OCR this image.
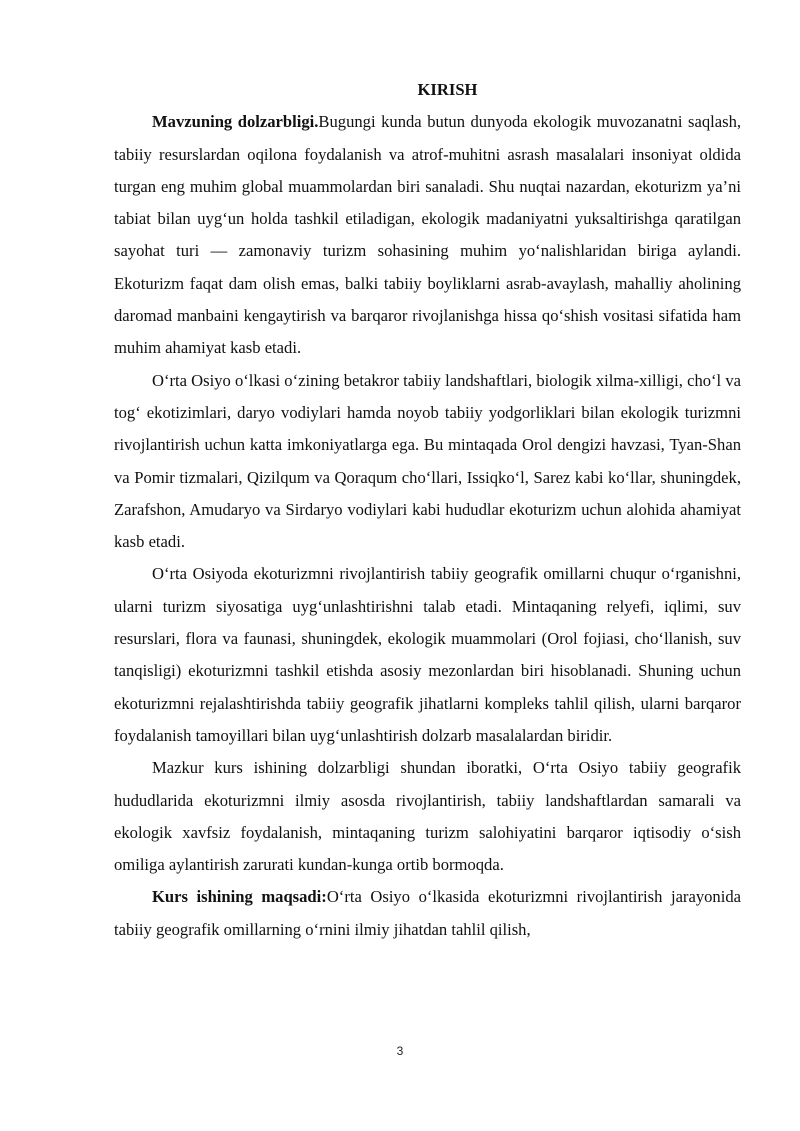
KIRISH

Mavzuning dolzarbligi.Bugungi kunda butun dunyoda ekologik muvozanatni saqlash, tabiiy resurslardan oqilona foydalanish va atrof-muhitni asrash masalalari insoniyat oldida turgan eng muhim global muammolardan biri sanaladi. Shu nuqtai nazardan, ekoturizm ya’ni tabiat bilan uyg‘un holda tashkil etiladigan, ekologik madaniyatni yuksaltirishga qaratilgan sayohat turi — zamonaviy turizm sohasining muhim yo‘nalishlaridan biriga aylandi. Ekoturizm faqat dam olish emas, balki tabiiy boyliklarni asrab-avaylash, mahalliy aholining daromad manbaini kengaytirish va barqaror rivojlanishga hissa qo‘shish vositasi sifatida ham muhim ahamiyat kasb etadi.

O‘rta Osiyo o‘lkasi o‘zining betakror tabiiy landshaftlari, biologik xilma-xilligi, cho‘l va tog‘ ekotizimlari, daryo vodiylari hamda noyob tabiiy yodgorliklari bilan ekologik turizmni rivojlantirish uchun katta imkoniyatlarga ega. Bu mintaqada Orol dengizi havzasi, Tyan-Shan va Pomir tizmalari, Qizilqum va Qoraqum cho‘llari, Issiqko‘l, Sarez kabi ko‘llar, shuningdek, Zarafshon, Amudaryo va Sirdaryo vodiylari kabi hududlar ekoturizm uchun alohida ahamiyat kasb etadi.

O‘rta Osiyoda ekoturizmni rivojlantirish tabiiy geografik omillarni chuqur o‘rganishni, ularni turizm siyosatiga uyg‘unlashtirishni talab etadi. Mintaqaning relyefi, iqlimi, suv resurslari, flora va faunasi, shuningdek, ekologik muammolari (Orol fojiasi, cho‘llanish, suv tanqisligi) ekoturizmni tashkil etishda asosiy mezonlardan biri hisoblanadi. Shuning uchun ekoturizmni rejalashtirishda tabiiy geografik jihatlarni kompleks tahlil qilish, ularni barqaror foydalanish tamoyillari bilan uyg‘unlashtirish dolzarb masalalardan biridir.

Mazkur kurs ishining dolzarbligi shundan iboratki, O‘rta Osiyo tabiiy geografik hududlarida ekoturizmni ilmiy asosda rivojlantirish, tabiiy landshaftlardan samarali va ekologik xavfsiz foydalanish, mintaqaning turizm salohiyatini barqaror iqtisodiy o‘sish omiliga aylantirish zarurati kundan-kunga ortib bormoqda.

Kurs ishining maqsadi:O‘rta Osiyo o‘lkasida ekoturizmni rivojlantirish jarayonida tabiiy geografik omillarning o‘rnini ilmiy jihatdan tahlil qilish,

3
